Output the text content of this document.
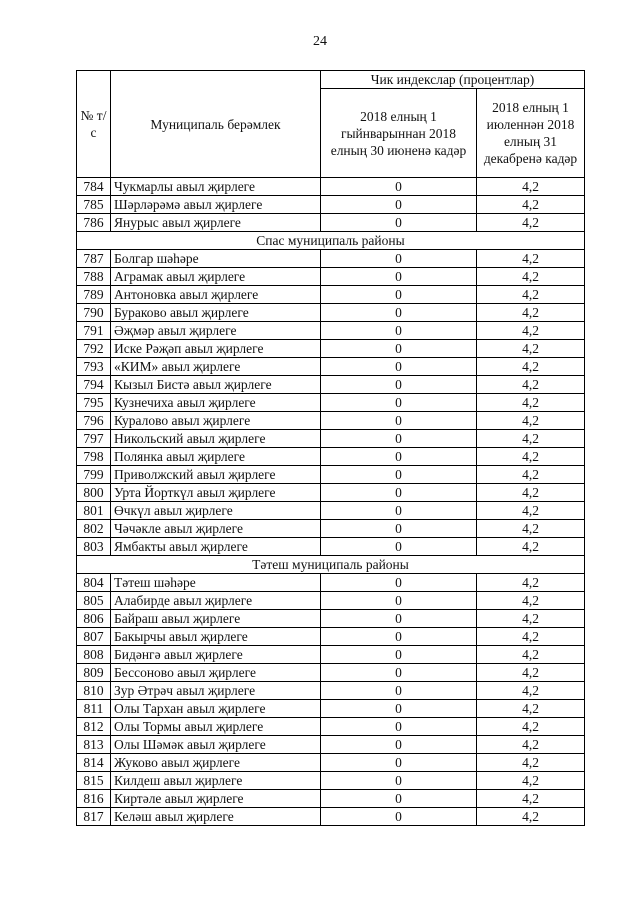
24
№ т/с	Муниципаль берәмлек	Чик индекслар (процентлар)	
		2018 елның 1 гыйнварыннан 2018 елның 30 июненә кадәр	2018 елның 1 июленнән 2018 елның 31 декабренә кадәр
784	Чукмарлы авыл җирлеге	0	4,2
785	Шәрләрәмә авыл җирлеге	0	4,2
786	Янурыс авыл җирлеге	0	4,2
Спас муниципаль районы			
787	Болгар шәһәре	0	4,2
788	Аграмак авыл җирлеге	0	4,2
789	Антоновка авыл җирлеге	0	4,2
790	Бураково авыл җирлеге	0	4,2
791	Әҗмәр авыл җирлеге	0	4,2
792	Иске Рәҗәп авыл җирлеге	0	4,2
793	«КИМ» авыл җирлеге	0	4,2
794	Кызыл Бистә авыл җирлеге	0	4,2
795	Кузнечиха авыл җирлеге	0	4,2
796	Куралово авыл җирлеге	0	4,2
797	Никольский авыл җирлеге	0	4,2
798	Полянка авыл җирлеге	0	4,2
799	Приволжский авыл җирлеге	0	4,2
800	Урта Йорткүл авыл җирлеге	0	4,2
801	Өчкүл авыл җирлеге	0	4,2
802	Чәчәкле авыл җирлеге	0	4,2
803	Ямбакты авыл җирлеге	0	4,2
Тәтеш муниципаль районы			
804	Тәтеш шәһәре	0	4,2
805	Алабирде авыл җирлеге	0	4,2
806	Байраш авыл җирлеге	0	4,2
807	Бакырчы авыл җирлеге	0	4,2
808	Бидәнгә авыл җирлеге	0	4,2
809	Бессоново авыл җирлеге	0	4,2
810	Зур Әтрәч авыл җирлеге	0	4,2
811	Олы Тархан авыл җирлеге	0	4,2
812	Олы Тормы авыл җирлеге	0	4,2
813	Олы Шәмәк авыл җирлеге	0	4,2
814	Жуково авыл җирлеге	0	4,2
815	Килдеш авыл җирлеге	0	4,2
816	Киртәле авыл җирлеге	0	4,2
817	Келәш авыл җирлеге	0	4,2
